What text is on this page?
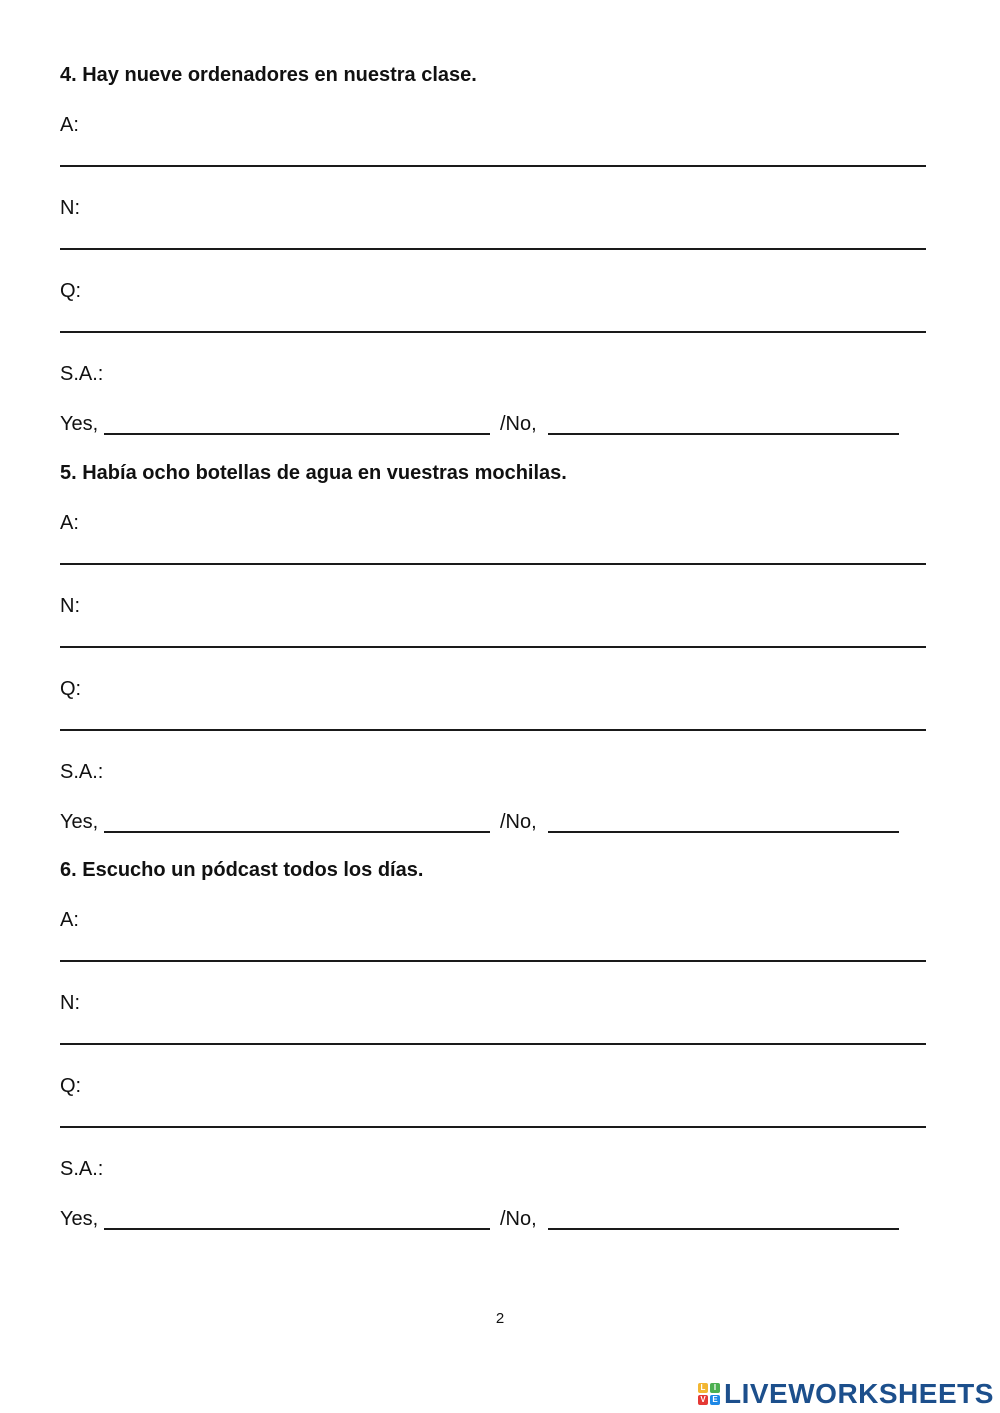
4. Hay nueve ordenadores en nuestra clase.
A:
N:
Q:
S.A.:
Yes,	/No,
5. Había ocho botellas de agua en vuestras mochilas.
A:
N:
Q:
S.A.:
Yes,	/No,
6. Escucho un pódcast todos los días.
A:
N:
Q:
S.A.:
Yes,	/No,
2
L	I
V E LIVEWORKSHEETS
